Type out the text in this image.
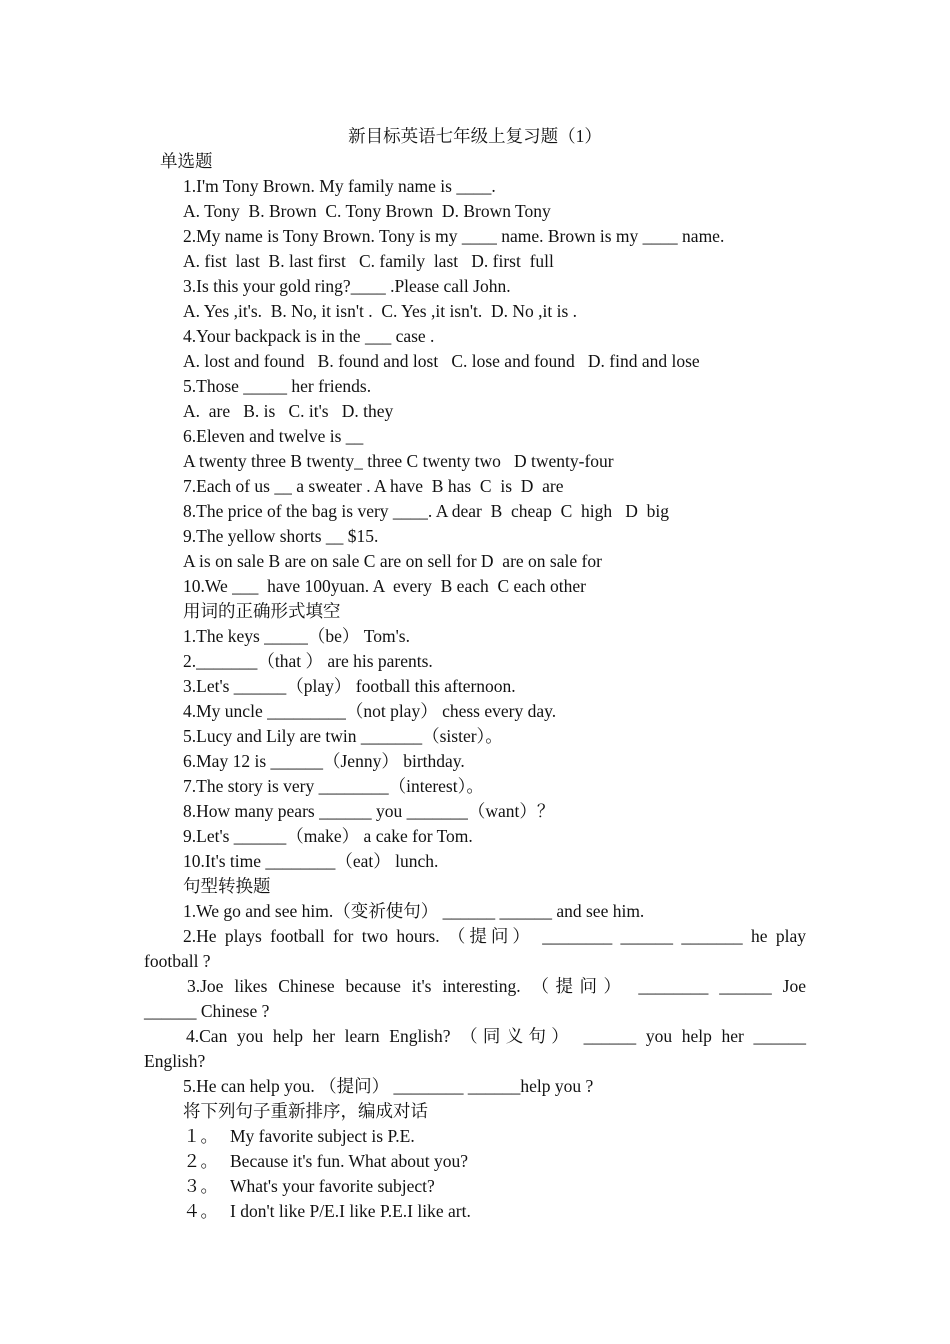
新目标英语七年级上复习题（1）
单选题
1.I'm Tony Brown. My family name is ____.
A. Tony  B. Brown  C. Tony Brown  D. Brown Tony
2.My name is Tony Brown. Tony is my ____ name. Brown is my ____ name.
A. fist  last  B. last first   C. family  last   D. first  full
3.Is this your gold ring?____ .Please call John.
A. Yes ,it's.  B. No, it isn't .  C. Yes ,it isn't.  D. No ,it is .
4.Your backpack is in the ___ case .
A. lost and found   B. found and lost   C. lose and found   D. find and lose
5.Those _____ her friends.
A.  are   B. is   C. it's   D. they
6.Eleven and twelve is __
A twenty three B twenty_ three C twenty two   D twenty-four
7.Each of us __ a sweater . A have  B has  C  is  D  are
8.The price of the bag is very ____. A dear  B  cheap  C  high   D  big
9.The yellow shorts __ $15.
A is on sale B are on sale C are on sell for D  are on sale for
10.We ___  have 100yuan. A  every  B each  C each other
用词的正确形式填空
1.The keys _____（be） Tom's.
2._______（that ） are his parents.
3.Let's ______（play） football this afternoon.
4.My uncle _________（not play） chess every day.
5.Lucy and Lily are twin _______（sister）。
6.May 12 is ______（Jenny） birthday.
7.The story is very ________（interest）。
8.How many pears ______ you _______（want）？
9.Let's ______（make） a cake for Tom.
10.It's time ________（eat） lunch.
句型转换题
1.We go and see him.（变祈使句） ______ ______ and see him.
2.He plays football for two hours. （提问） ________ ______ _______ he play
football ?
3.Joe likes Chinese because it's interesting. （提问） ________ ______ Joe
______ Chinese ?
4.Can you help her learn English? （同义句） ______ you help her ______
English?
5.He can help you. （提问） ________ ______help you ?
将下列句子重新排序，编成对话
１。 My favorite subject is P.E.
２。 Because it's fun. What about you?
３。 What's your favorite subject?
４。 I don't like P/E.I like P.E.I like art.
